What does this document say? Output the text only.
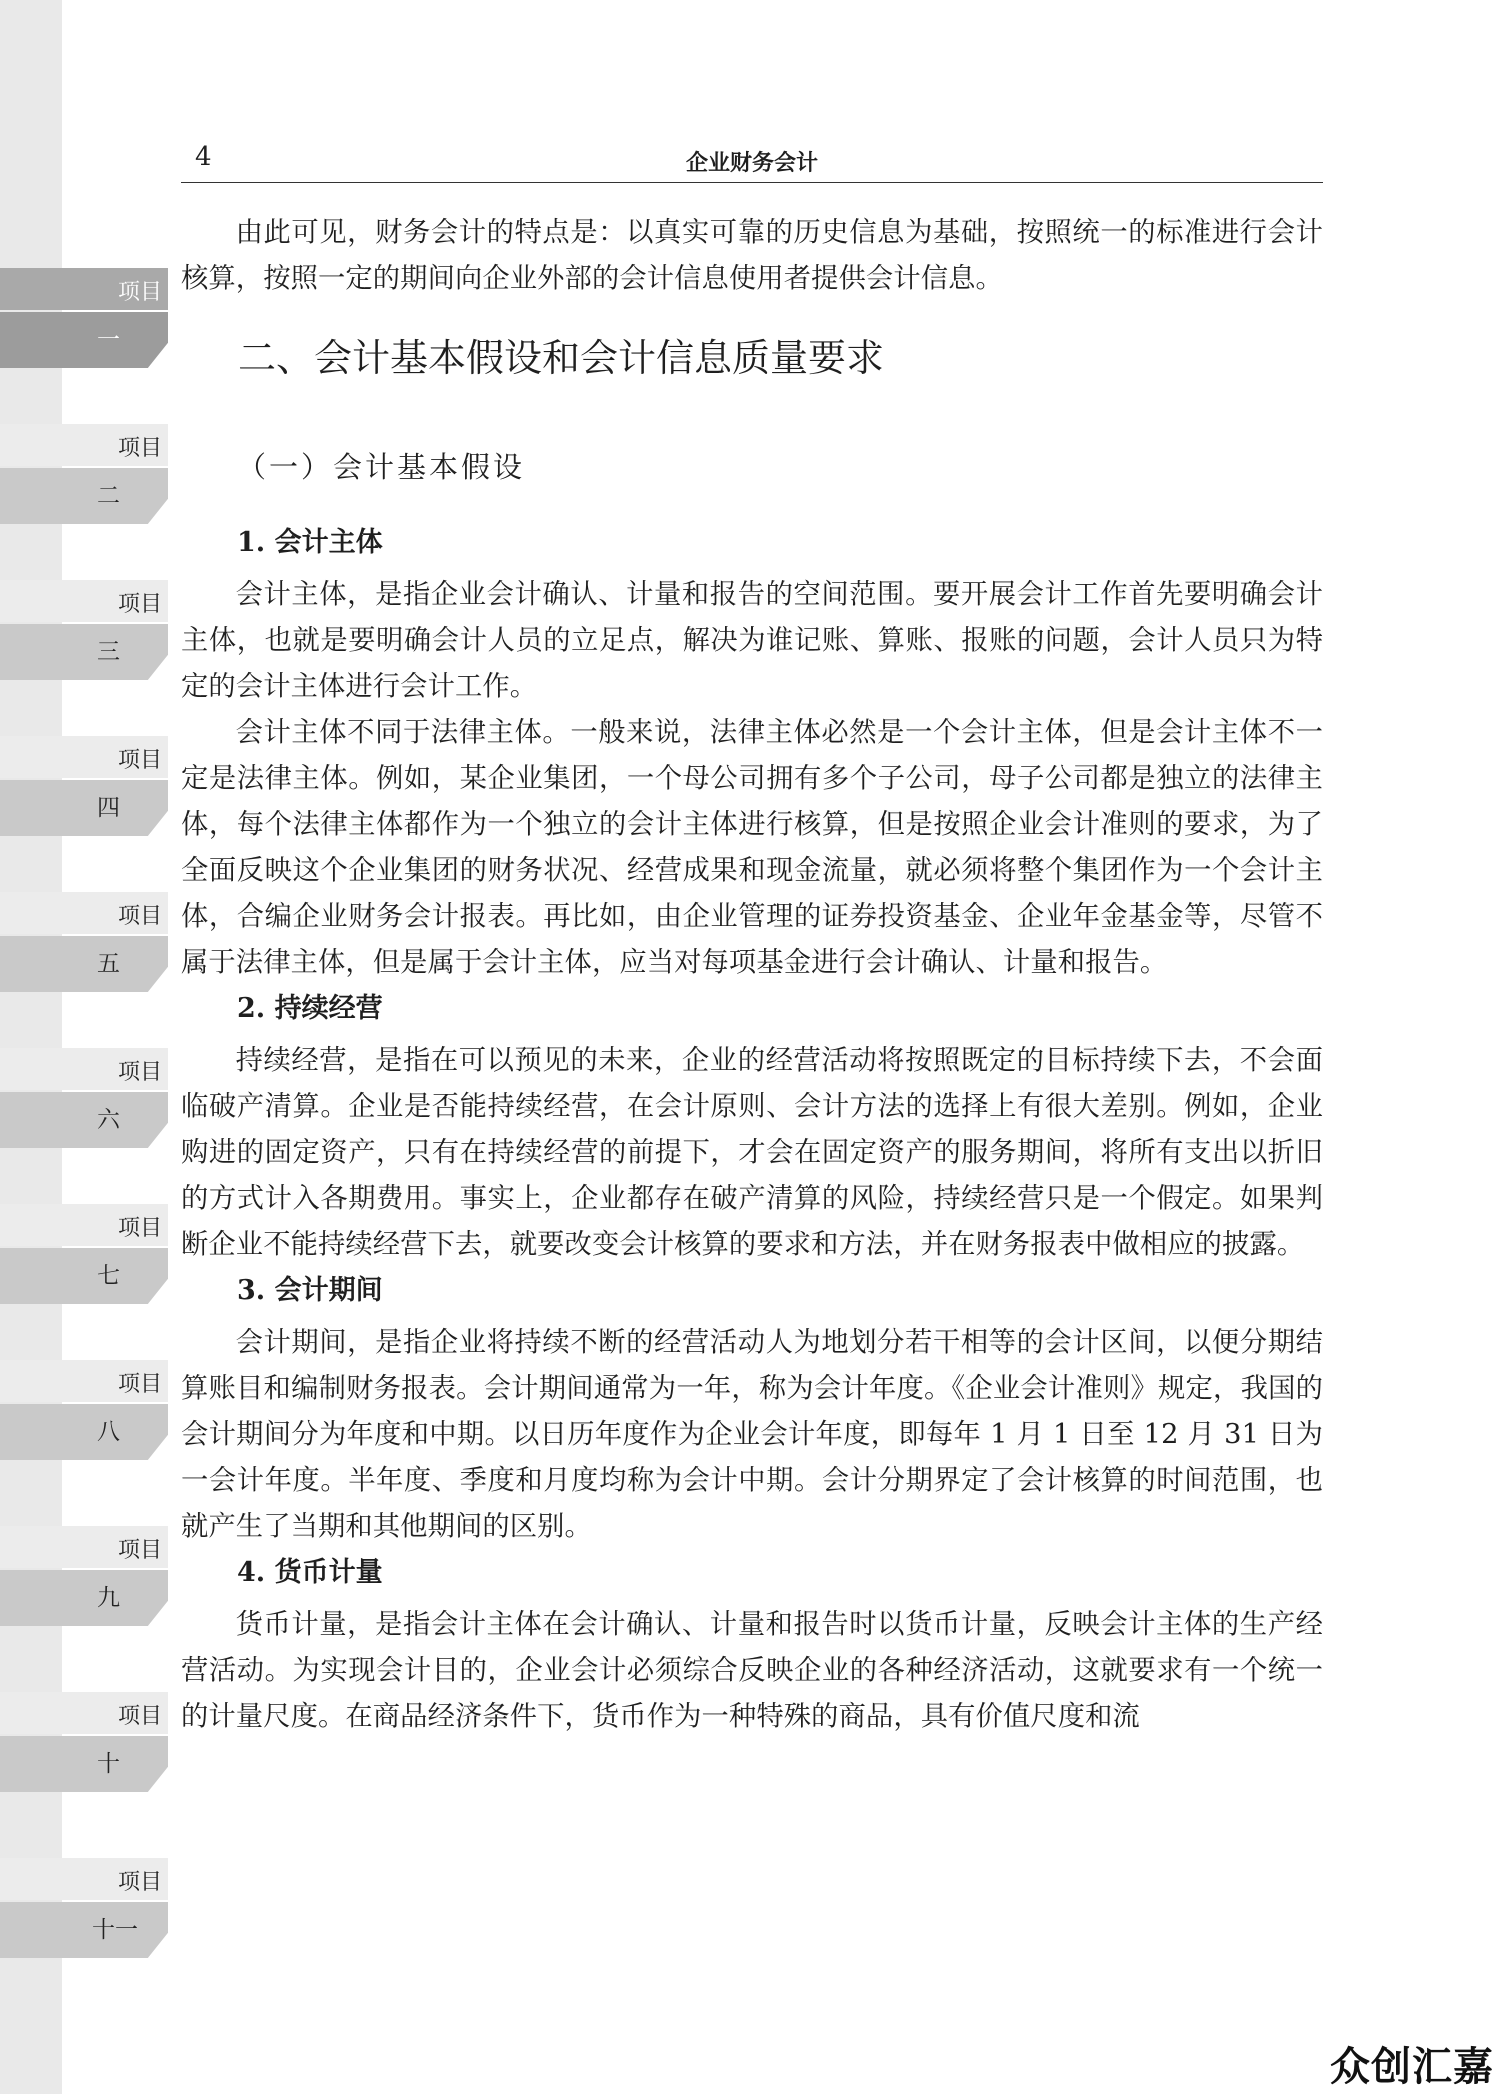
项目
一
项目
二
项目
三
项目
四
项目
五
项目
六
项目
七
项目
八
项目
九
项目
十
项目
十一
4	企业财务会计

由此可见，财务会计的特点是：以真实可靠的历史信息为基础，按照统一的标准进行会计核算，按照一定的期间向企业外部的会计信息使用者提供会计信息。

二、会计基本假设和会计信息质量要求
（一）会计基本假设
1. 会计主体

会计主体，是指企业会计确认、计量和报告的空间范围。要开展会计工作首先要明确会计主体，也就是要明确会计人员的立足点，解决为谁记账、算账、报账的问题，会计人员只为特定的会计主体进行会计工作。

会计主体不同于法律主体。一般来说，法律主体必然是一个会计主体，但是会计主体不一定是法律主体。例如，某企业集团，一个母公司拥有多个子公司，母子公司都是独立的法律主体，每个法律主体都作为一个独立的会计主体进行核算，但是按照企业会计准则的要求，为了全面反映这个企业集团的财务状况、经营成果和现金流量，就必须将整个集团作为一个会计主体，合编企业财务会计报表。再比如，由企业管理的证券投资基金、企业年金基金等，尽管不属于法律主体，但是属于会计主体，应当对每项基金进行会计确认、计量和报告。

2. 持续经营

持续经营，是指在可以预见的未来，企业的经营活动将按照既定的目标持续下去，不会面临破产清算。企业是否能持续经营，在会计原则、会计方法的选择上有很大差别。例如，企业购进的固定资产，只有在持续经营的前提下，才会在固定资产的服务期间，将所有支出以折旧的方式计入各期费用。事实上，企业都存在破产清算的风险，持续经营只是一个假定。如果判断企业不能持续经营下去，就要改变会计核算的要求和方法，并在财务报表中做相应的披露。

3. 会计期间

会计期间，是指企业将持续不断的经营活动人为地划分若干相等的会计区间，以便分期结算账目和编制财务报表。会计期间通常为一年，称为会计年度。《企业会计准则》规定，我国的会计期间分为年度和中期。以日历年度作为企业会计年度，即每年 1 月 1 日至 12 月 31 日为一会计年度。半年度、季度和月度均称为会计中期。会计分期界定了会计核算的时间范围，也就产生了当期和其他期间的区别。

4. 货币计量

货币计量，是指会计主体在会计确认、计量和报告时以货币计量，反映会计主体的生产经营活动。为实现会计目的，企业会计必须综合反映企业的各种经济活动，这就要求有一个统一的计量尺度。在商品经济条件下，货币作为一种特殊的商品，具有价值尺度和流

众创汇嘉
